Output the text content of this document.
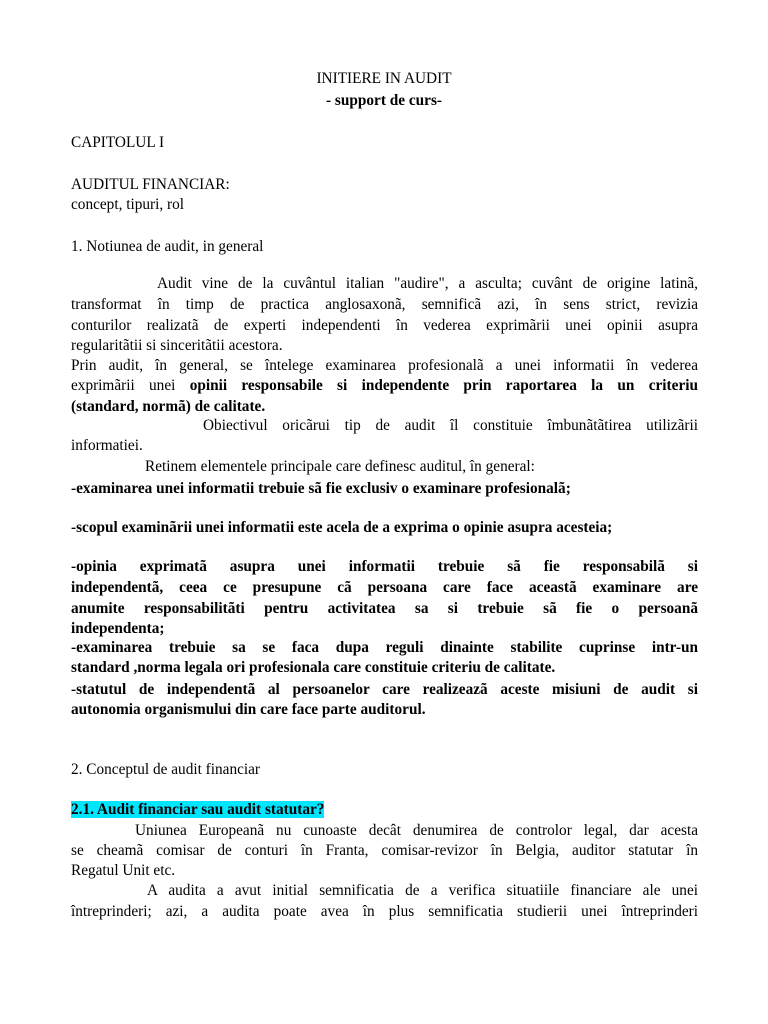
INITIERE IN AUDIT
- support de curs-
CAPITOLUL I
AUDITUL FINANCIAR:
concept, tipuri, rol
1. Notiunea de audit, in general
Audit vine de la cuvântul italian "audire", a asculta; cuvânt de origine latinã,
transformat în timp de practica anglosaxonã, semnificã azi, în sens strict, revizia
conturilor realizatã de experti independenti în vederea exprimãrii unei opinii asupra
regularitãtii si sinceritãtii acestora.
Prin audit, în general, se întelege examinarea profesionalã a unei informatii în vederea
exprimãrii unei opinii responsabile si independente prin raportarea la un criteriu
(standard, normã) de calitate.
Obiectivul oricãrui tip de audit îl constituie îmbunãtãtirea utilizãrii
informatiei.
Retinem elementele principale care definesc auditul, în general:
-examinarea unei informatii trebuie sã fie exclusiv o examinare profesionalã;
-scopul examinãrii unei informatii este acela de a exprima o opinie asupra acesteia;
-opinia exprimatã asupra unei informatii trebuie sã fie responsabilã si
independentã, ceea ce presupune cã persoana care face aceastã examinare are
anumite responsabilitãti pentru activitatea sa si trebuie sã fie o persoanã
independenta;
-examinarea trebuie sa se faca dupa reguli dinainte stabilite cuprinse intr-un
standard ,norma legala ori profesionala care constituie criteriu de calitate.
-statutul de independentã al persoanelor care realizeazã aceste misiuni de audit si
autonomia organismului din care face parte auditorul.
2. Conceptul de audit financiar
2.1. Audit financiar sau audit statutar?
Uniunea Europeanã nu cunoaste decât denumirea de controlor legal, dar acesta
se cheamã comisar de conturi în Franta, comisar-revizor în Belgia, auditor statutar în
Regatul Unit etc.
A audita a avut initial semnificatia de a verifica situatiile financiare ale unei
întreprinderi; azi, a audita poate avea în plus semnificatia studierii unei întreprinderi
